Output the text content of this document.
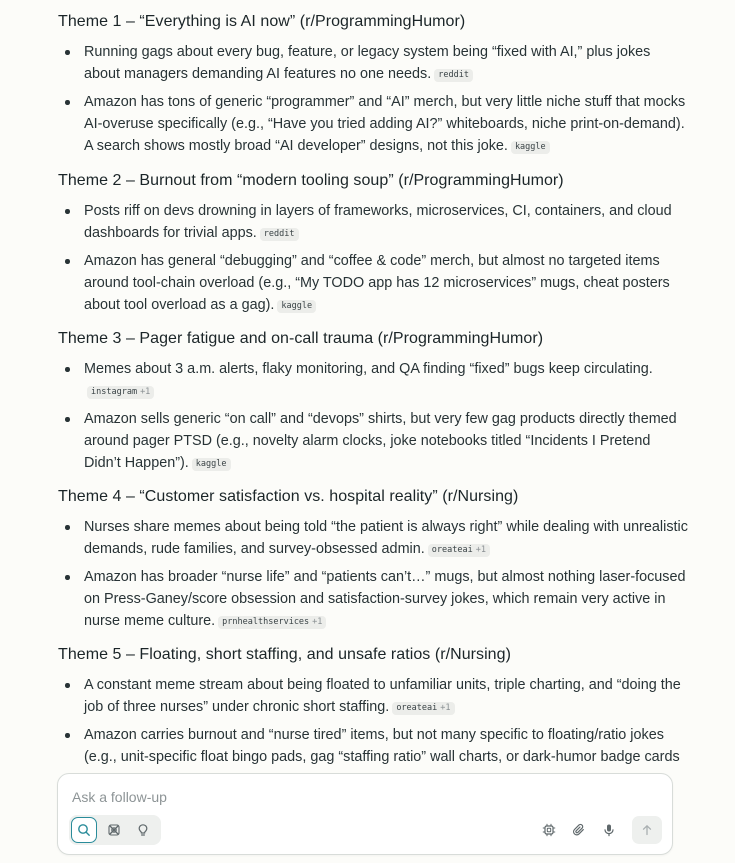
Theme 1 – “Everything is AI now” (r/ProgrammingHumor)
Running gags about every bug, feature, or legacy system being “fixed with AI,” plus jokes about managers demanding AI features no one needs. reddit
Amazon has tons of generic “programmer” and “AI” merch, but very little niche stuff that mocks AI‑overuse specifically (e.g., “Have you tried adding AI?” whiteboards, niche print‑on‑demand). A search shows mostly broad “AI developer” designs, not this joke. kaggle
Theme 2 – Burnout from “modern tooling soup” (r/ProgrammingHumor)
Posts riff on devs drowning in layers of frameworks, microservices, CI, containers, and cloud dashboards for trivial apps. reddit
Amazon has general “debugging” and “coffee & code” merch, but almost no targeted items around tool‑chain overload (e.g., “My TODO app has 12 microservices” mugs, cheat posters about tool overload as a gag). kaggle
Theme 3 – Pager fatigue and on‑call trauma (r/ProgrammingHumor)
Memes about 3 a.m. alerts, flaky monitoring, and QA finding “fixed” bugs keep circulating. instagram +1
Amazon sells generic “on call” and “devops” shirts, but very few gag products directly themed around pager PTSD (e.g., novelty alarm clocks, joke notebooks titled “Incidents I Pretend Didn’t Happen”). kaggle
Theme 4 – “Customer satisfaction vs. hospital reality” (r/Nursing)
Nurses share memes about being told “the patient is always right” while dealing with unrealistic demands, rude families, and survey‑obsessed admin. oreateai +1
Amazon has broader “nurse life” and “patients can’t…” mugs, but almost nothing laser‑focused on Press‑Ganey/score obsession and satisfaction‑survey jokes, which remain very active in nurse meme culture. prnhealthservices +1
Theme 5 – Floating, short staffing, and unsafe ratios (r/Nursing)
A constant meme stream about being floated to unfamiliar units, triple charting, and “doing the job of three nurses” under chronic short staffing. oreateai +1
Amazon carries burnout and “nurse tired” items, but not many specific to floating/ratio jokes (e.g., unit‑specific float bingo pads, gag “staffing ratio” wall charts, or dark‑humor badge cards
Ask a follow-up
